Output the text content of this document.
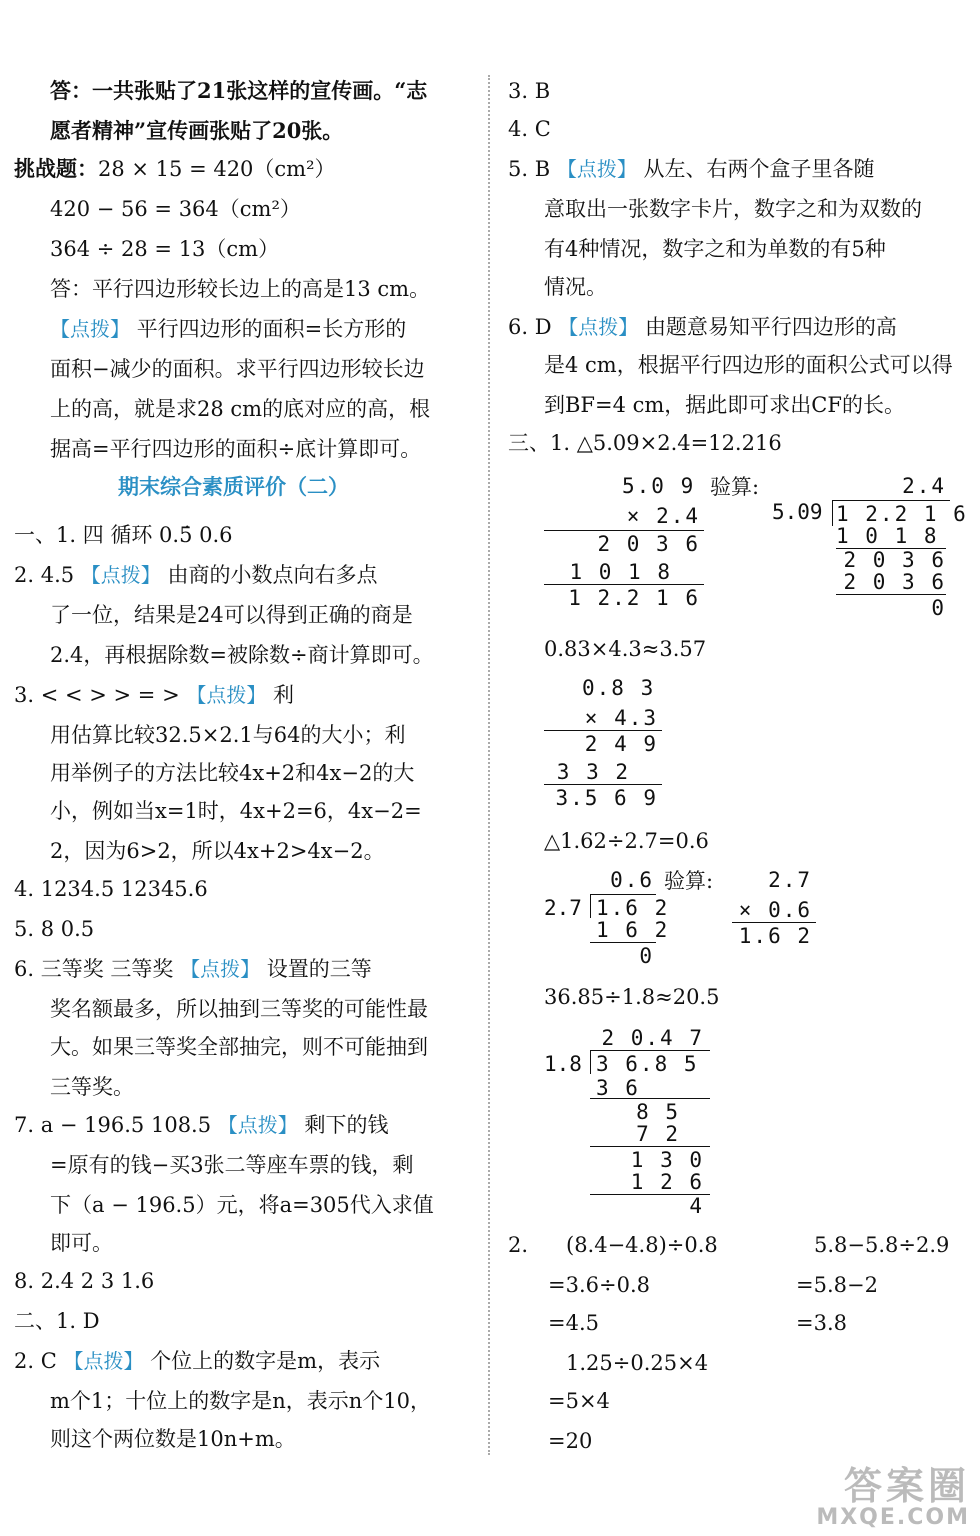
答：一共张贴了21张这样的宣传画。“志
愿者精神”宣传画张贴了20张。
挑战题：28 × 15 = 420（cm²）
420 − 56 = 364（cm²）
364 ÷ 28 = 13（cm）
答：平行四边形较长边上的高是13 cm。
【点拨】 平行四边形的面积=长方形的
面积−减少的面积。求平行四边形较长边
上的高，就是求28 cm的底对应的高，根
据高=平行四边形的面积÷底计算即可。
期末综合素质评价（二）
一、1. 四 循环 0.5̇ 0.6
2. 4.5 【点拨】 由商的小数点向右多点
了一位，结果是24可以得到正确的商是
2.4，再根据除数=被除数÷商计算即可。
3. < < > > = > 【点拨】 利
用估算比较32.5×2.1与64的大小；利
用举例子的方法比较4x+2和4x−2的大
小，例如当x=1时，4x+2=6，4x−2=
2，因为6>2，所以4x+2>4x−2。
4. 1234.5 12345.6
5. 8 0.5
6. 三等奖 三等奖 【点拨】 设置的三等
奖名额最多，所以抽到三等奖的可能性最
大。如果三等奖全部抽完，则不可能抽到
三等奖。
7. a − 196.5 108.5 【点拨】 剩下的钱
=原有的钱−买3张二等座车票的钱，剩
下（a − 196.5）元，将a=305代入求值
即可。
8. 2.4 2 3 1.6
二、1. D
2. C 【点拨】 个位上的数字是m，表示
m个1；十位上的数字是n，表示n个10，
则这个两位数是10n+m。
3. B
4. C
5. B 【点拨】 从左、右两个盒子里各随
意取出一张数字卡片，数字之和为双数的
有4种情况，数字之和为单数的有5种
情况。
6. D 【点拨】 由题意易知平行四边形的高
是4 cm，根据平行四边形的面积公式可以得
到BF=4 cm，据此即可求出CF的长。
三、1. △5.09×2.4=12.216
5.0 9
× 2.4
2 0 3 6
1 0 1 8
1 2.2 1 6
验算:	2.4
5.09 1 2.2 1 6
1 0 1 8
2 0 3 6
2 0 3 6
0
0.83×4.3≈3.57
0.8 3
× 4.3
2 4 9
3 3 2
3.5 6 9
△1.62÷2.7=0.6
0.6
2.7 1.6 2
1 6 2
0
验算:	2.7
× 0.6
1.6 2
36.85÷1.8≈20.5
2 0.4 7
1.8 3 6.8 5
3 6
8 5
7 2
1 3 0
1 2 6
4
2. (8.4−4.8)÷0.8
=3.6÷0.8
=4.5
5.8−5.8÷2.9
=5.8−2
=3.8
1.25÷0.25×4
=5×4
=20
答案圈
MXQE.COM
